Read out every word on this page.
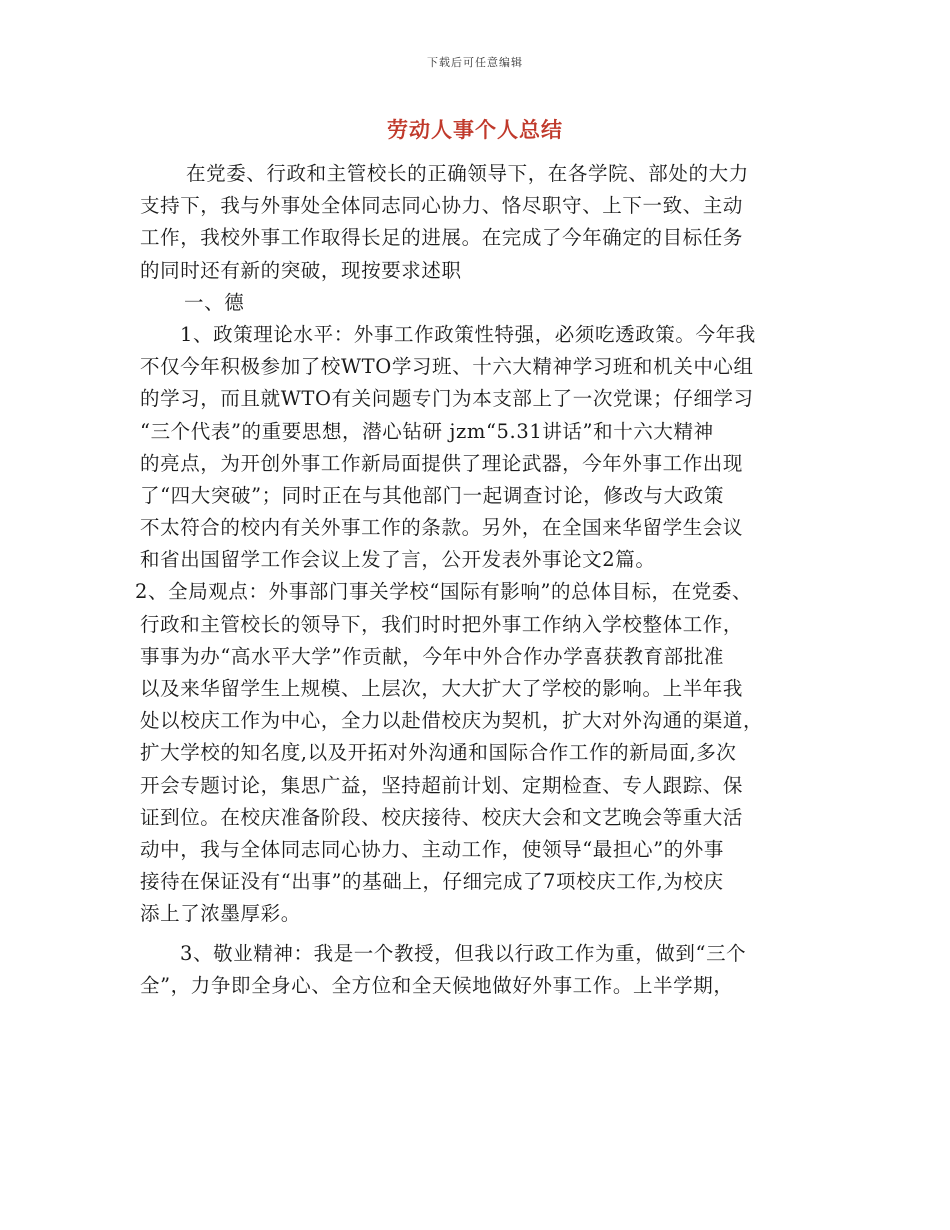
下载后可任意编辑
劳动人事个人总结
在党委、行政和主管校长的正确领导下，在各学院、部处的大力
支持下，我与外事处全体同志同心协力、恪尽职守、上下一致、主动
工作，我校外事工作取得长足的进展。在完成了今年确定的目标任务
的同时还有新的突破，现按要求述职
一、德
1、政策理论水平：外事工作政策性特强，必须吃透政策。今年我
不仅今年积极参加了校WTO学习班、十六大精神学习班和机关中心组
的学习，而且就WTO有关问题专门为本支部上了一次党课；仔细学习
“三个代表”的重要思想，潜心钻研 jzm“5.31讲话”和十六大精神
的亮点，为开创外事工作新局面提供了理论武器，今年外事工作出现
了“四大突破”；同时正在与其他部门一起调查讨论，修改与大政策
不太符合的校内有关外事工作的条款。另外，在全国来华留学生会议
和省出国留学工作会议上发了言，公开发表外事论文2篇。
2、全局观点：外事部门事关学校“国际有影响”的总体目标，在党委、
行政和主管校长的领导下，我们时时把外事工作纳入学校整体工作，
事事为办“高水平大学”作贡献，今年中外合作办学喜获教育部批准
以及来华留学生上规模、上层次，大大扩大了学校的影响。上半年我
处以校庆工作为中心，全力以赴借校庆为契机，扩大对外沟通的渠道，
扩大学校的知名度,以及开拓对外沟通和国际合作工作的新局面,多次
开会专题讨论，集思广益，坚持超前计划、定期检查、专人跟踪、保
证到位。在校庆准备阶段、校庆接待、校庆大会和文艺晚会等重大活
动中，我与全体同志同心协力、主动工作，使领导“最担心”的外事
接待在保证没有“出事”的基础上，仔细完成了7项校庆工作,为校庆
添上了浓墨厚彩。
3、敬业精神：我是一个教授，但我以行政工作为重，做到“三个
全”，力争即全身心、全方位和全天候地做好外事工作。上半学期，
